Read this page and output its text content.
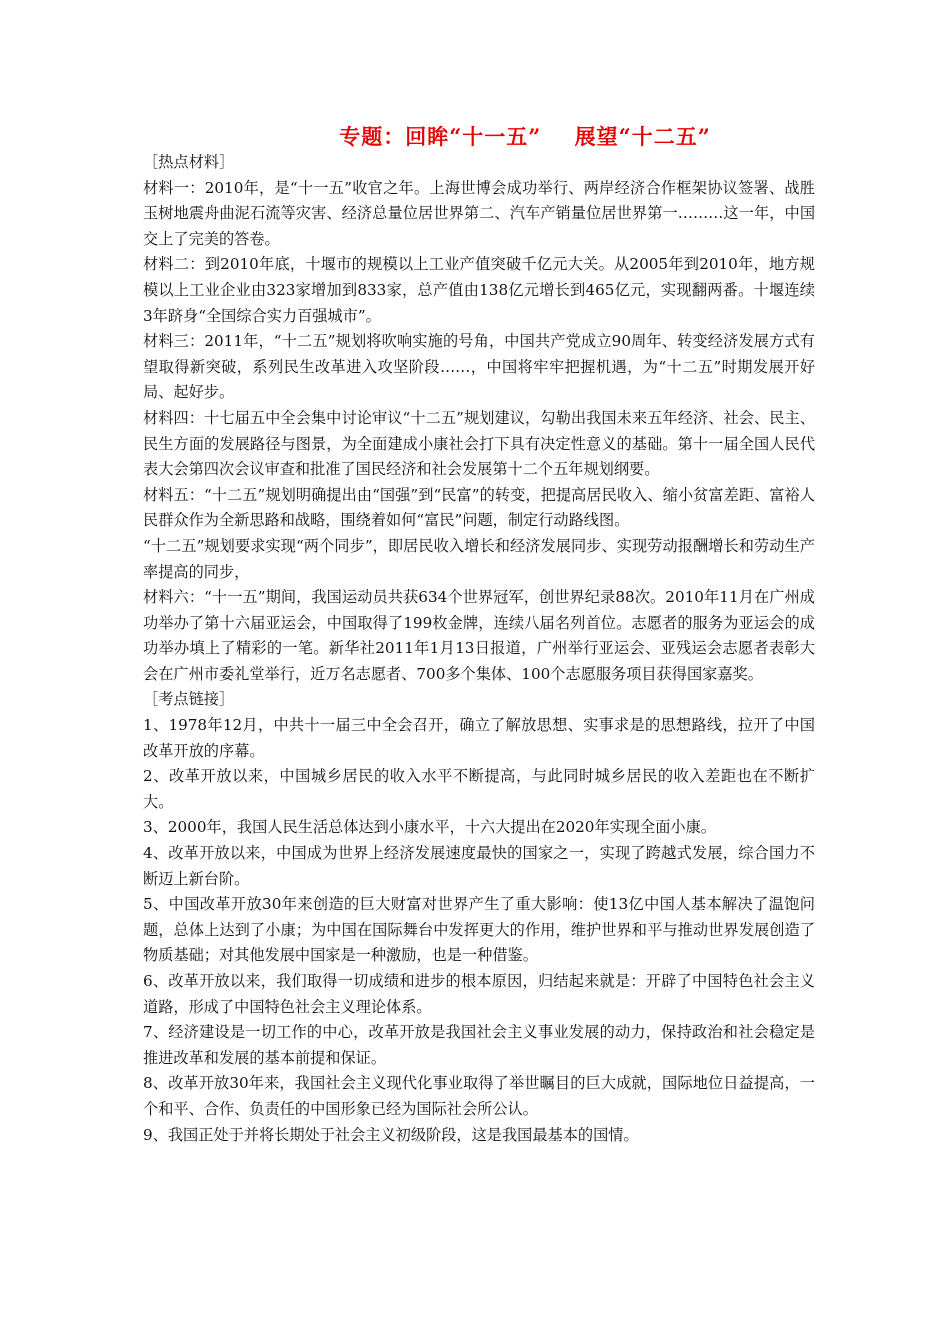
专题：回眸“十一五”    展望“十二五”

［热点材料］

材料一：2010年，是“十一五”收官之年。上海世博会成功举行、两岸经济合作框架协议签署、战胜玉树地震舟曲泥石流等灾害、经济总量位居世界第二、汽车产销量位居世界第一………这一年，中国交上了完美的答卷。

材料二：到2010年底，十堰市的规模以上工业产值突破千亿元大关。从2005年到2010年，地方规模以上工业企业由323家增加到833家，总产值由138亿元增长到465亿元，实现翻两番。十堰连续3年跻身“全国综合实力百强城市”。

材料三：2011年，“十二五”规划将吹响实施的号角，中国共产党成立90周年、转变经济发展方式有望取得新突破，系列民生改革进入攻坚阶段……，中国将牢牢把握机遇，为“十二五”时期发展开好局、起好步。

材料四：十七届五中全会集中讨论审议“十二五”规划建议，勾勒出我国未来五年经济、社会、民主、民生方面的发展路径与图景，为全面建成小康社会打下具有决定性意义的基础。第十一届全国人民代表大会第四次会议审查和批准了国民经济和社会发展第十二个五年规划纲要。

材料五：“十二五”规划明确提出由“国强”到“民富”的转变，把提高居民收入、缩小贫富差距、富裕人民群众作为全新思路和战略，围绕着如何“富民”问题，制定行动路线图。

“十二五”规划要求实现“两个同步”，即居民收入增长和经济发展同步、实现劳动报酬增长和劳动生产率提高的同步，

材料六：“十一五”期间，我国运动员共获634个世界冠军，创世界纪录88次。2010年11月在广州成功举办了第十六届亚运会，中国取得了199枚金牌，连续八届名列首位。志愿者的服务为亚运会的成功举办填上了精彩的一笔。新华社2011年1月13日报道，广州举行亚运会、亚残运会志愿者表彰大会在广州市委礼堂举行，近万名志愿者、700多个集体、100个志愿服务项目获得国家嘉奖。

［考点链接］

1、1978年12月，中共十一届三中全会召开，确立了解放思想、实事求是的思想路线，拉开了中国改革开放的序幕。

2、改革开放以来，中国城乡居民的收入水平不断提高，与此同时城乡居民的收入差距也在不断扩大。

3、2000年，我国人民生活总体达到小康水平，十六大提出在2020年实现全面小康。

4、改革开放以来，中国成为世界上经济发展速度最快的国家之一，实现了跨越式发展，综合国力不断迈上新台阶。

5、中国改革开放30年来创造的巨大财富对世界产生了重大影响：使13亿中国人基本解决了温饱问题，总体上达到了小康；为中国在国际舞台中发挥更大的作用，维护世界和平与推动世界发展创造了物质基础；对其他发展中国家是一种激励，也是一种借鉴。

6、改革开放以来，我们取得一切成绩和进步的根本原因，归结起来就是：开辟了中国特色社会主义道路，形成了中国特色社会主义理论体系。

7、经济建设是一切工作的中心，改革开放是我国社会主义事业发展的动力，保持政治和社会稳定是推进改革和发展的基本前提和保证。

8、改革开放30年来，我国社会主义现代化事业取得了举世瞩目的巨大成就，国际地位日益提高，一个和平、合作、负责任的中国形象已经为国际社会所公认。

9、我国正处于并将长期处于社会主义初级阶段，这是我国最基本的国情。
